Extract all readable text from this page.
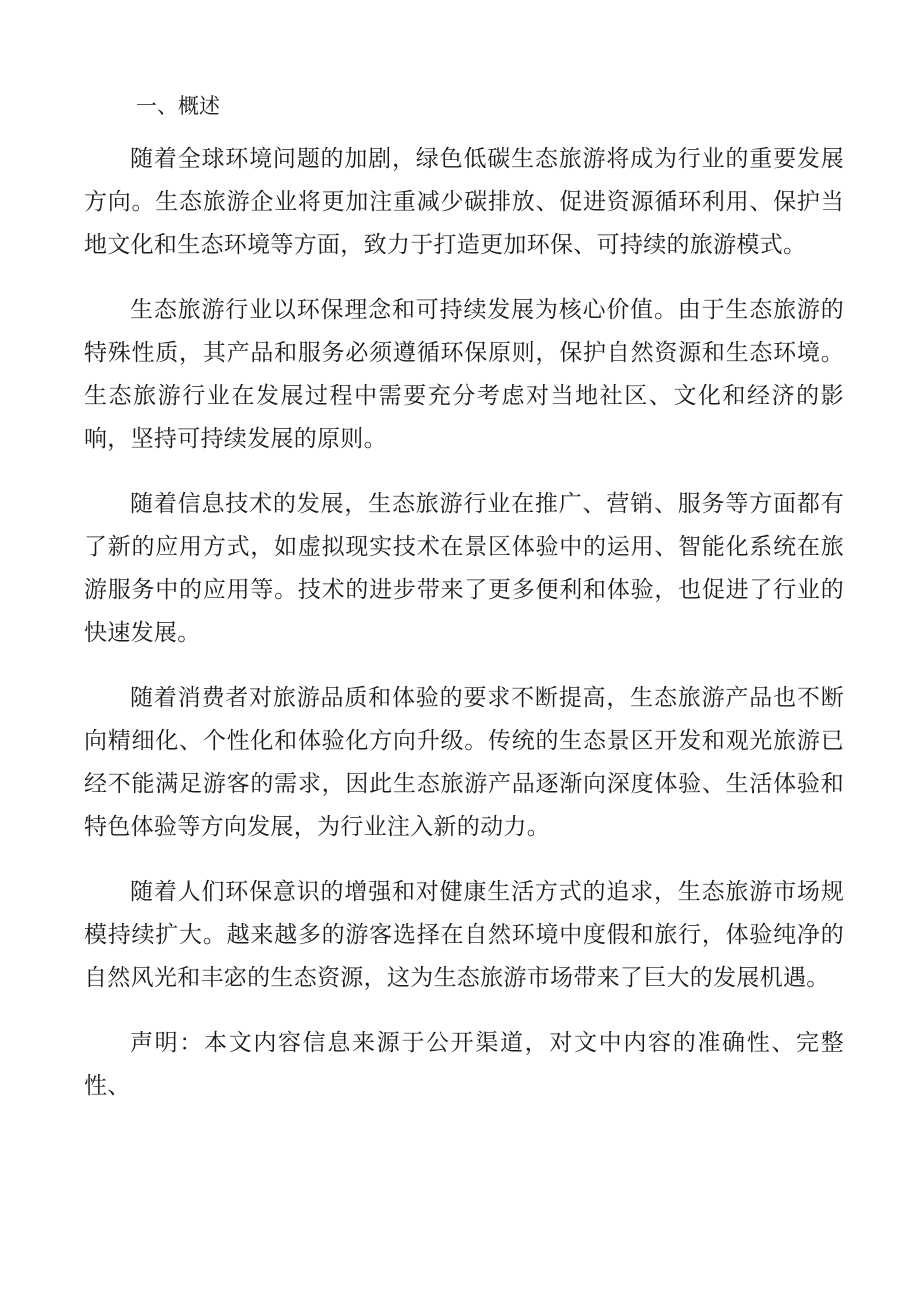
一、概述

随着全球环境问题的加剧，绿色低碳生态旅游将成为行业的重要发展方向。生态旅游企业将更加注重减少碳排放、促进资源循环利用、保护当地文化和生态环境等方面，致力于打造更加环保、可持续的旅游模式。

生态旅游行业以环保理念和可持续发展为核心价值。由于生态旅游的特殊性质，其产品和服务必须遵循环保原则，保护自然资源和生态环境。生态旅游行业在发展过程中需要充分考虑对当地社区、文化和经济的影响，坚持可持续发展的原则。

随着信息技术的发展，生态旅游行业在推广、营销、服务等方面都有了新的应用方式，如虚拟现实技术在景区体验中的运用、智能化系统在旅游服务中的应用等。技术的进步带来了更多便利和体验，也促进了行业的快速发展。

随着消费者对旅游品质和体验的要求不断提高，生态旅游产品也不断向精细化、个性化和体验化方向升级。传统的生态景区开发和观光旅游已经不能满足游客的需求，因此生态旅游产品逐渐向深度体验、生活体验和特色体验等方向发展，为行业注入新的动力。

随着人们环保意识的增强和对健康生活方式的追求，生态旅游市场规模持续扩大。越来越多的游客选择在自然环境中度假和旅行，体验纯净的自然风光和丰宓的生态资源，这为生态旅游市场带来了巨大的发展机遇。

声明：本文内容信息来源于公开渠道，对文中内容的准确性、完整性、
